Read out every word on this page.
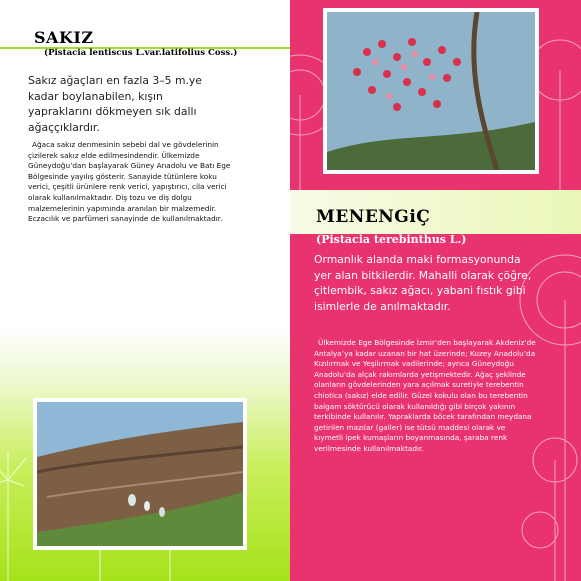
SAKIZ
(Pistacia lentiscus L.var.latifolius Coss.)
Sakız ağaçları en fazla 3–5 m.ye kadar boylanabilen, kışın yapraklarını dökmeyen sık dallı ağaççıklardır.
Ağaca sakız denmesinin sebebi dal ve gövdelerinin çizilerek sakız elde edilmesindendir. Ülkemizde Güneydoğu’dan başlayarak Güney Anadolu ve Batı Ege Bölgesinde yayılış gösterir. Sanayide tütünlere koku verici, çeşitli ürünlere renk verici, yapıştırıcı, cila verici olarak kullanılmaktadır. Diş tozu ve diş dolgu malzemelerinin yapımında aranılan bir malzemedir. Eczacılık ve parfümeri sanayinde de kullanılmaktadır.	MENENGiÇ
(Pistacia terebinthus L.)
Ormanlık alanda maki formasyonunda yer alan bitkilerdir. Mahalli olarak çöğre, çitlembik, sakız ağacı, yabani fıstık gibi isimlerle de anılmaktadır.
Ülkemizde Ege Bölgesinde İzmir’den başlayarak Akdeniz’de Antalya’ya kadar uzanan bir hat üzerinde; Kuzey Anadolu’da Kızılırmak ve Yeşilırmak vadilerinde; ayrıca Güneydoğu Anadolu’da alçak rakımlarda yetişmektedir. Ağaç şeklinde olanların gövdelerinden yara açılmak suretiyle terebentin chiotica (sakız) elde edilir. Güzel kokulu olan bu terebentin balgam söktürücü olarak kullanıldığı gibi birçok yakının terkibinde kullanılır. Yapraklarda böcek tarafından meydana getirilen mazılar (galler) ise tütsü maddesi olarak ve kıymetli ipek kumaşların boyanmasında, şaraba renk verilmesinde kullanılmaktadır.
